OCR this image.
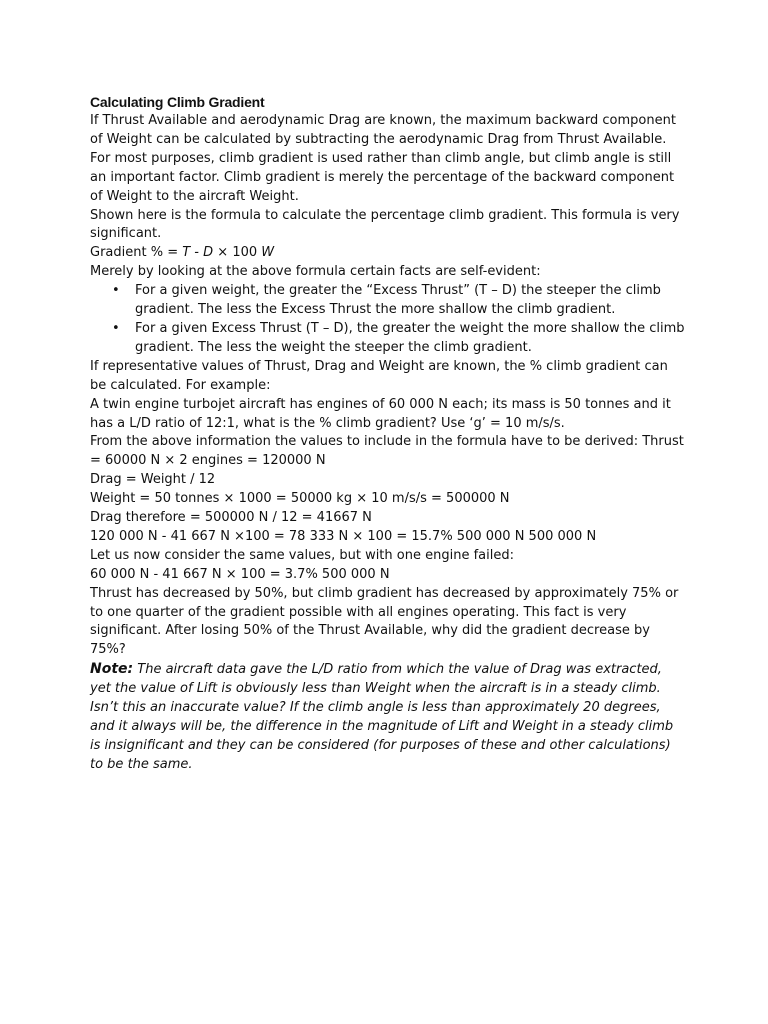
Calculating Climb Gradient

If Thrust Available and aerodynamic Drag are known, the maximum backward component of Weight can be calculated by subtracting the aerodynamic Drag from Thrust Available. For most purposes, climb gradient is used rather than climb angle, but climb angle is still an important factor. Climb gradient is merely the percentage of the backward component of Weight to the aircraft Weight.

Shown here is the formula to calculate the percentage climb gradient. This formula is very significant.

Gradient % = T - D × 100 W

Merely by looking at the above formula certain facts are self-evident:

• For a given weight, the greater the “Excess Thrust” (T – D) the steeper the climb gradient. The less the Excess Thrust the more shallow the climb gradient.
• For a given Excess Thrust (T – D), the greater the weight the more shallow the climb gradient. The less the weight the steeper the climb gradient.

If representative values of Thrust, Drag and Weight are known, the % climb gradient can be calculated. For example:

A twin engine turbojet aircraft has engines of 60 000 N each; its mass is 50 tonnes and it has a L/D ratio of 12:1, what is the % climb gradient? Use ‘g’ = 10 m/s/s.

From the above information the values to include in the formula have to be derived: Thrust = 60000 N × 2 engines = 120000 N

Drag = Weight / 12

Weight = 50 tonnes × 1000 = 50000 kg × 10 m/s/s = 500000 N

Drag therefore = 500000 N / 12 = 41667 N

120 000 N - 41 667 N ×100 = 78 333 N × 100 = 15.7% 500 000 N 500 000 N

Let us now consider the same values, but with one engine failed:

60 000 N - 41 667 N × 100 = 3.7% 500 000 N

Thrust has decreased by 50%, but climb gradient has decreased by approximately 75% or to one quarter of the gradient possible with all engines operating. This fact is very significant. After losing 50% of the Thrust Available, why did the gradient decrease by 75%?

Note: The aircraft data gave the L/D ratio from which the value of Drag was extracted, yet the value of Lift is obviously less than Weight when the aircraft is in a steady climb. Isn’t this an inaccurate value? If the climb angle is less than approximately 20 degrees, and it always will be, the difference in the magnitude of Lift and Weight in a steady climb is insignificant and they can be considered (for purposes of these and other calculations) to be the same.
